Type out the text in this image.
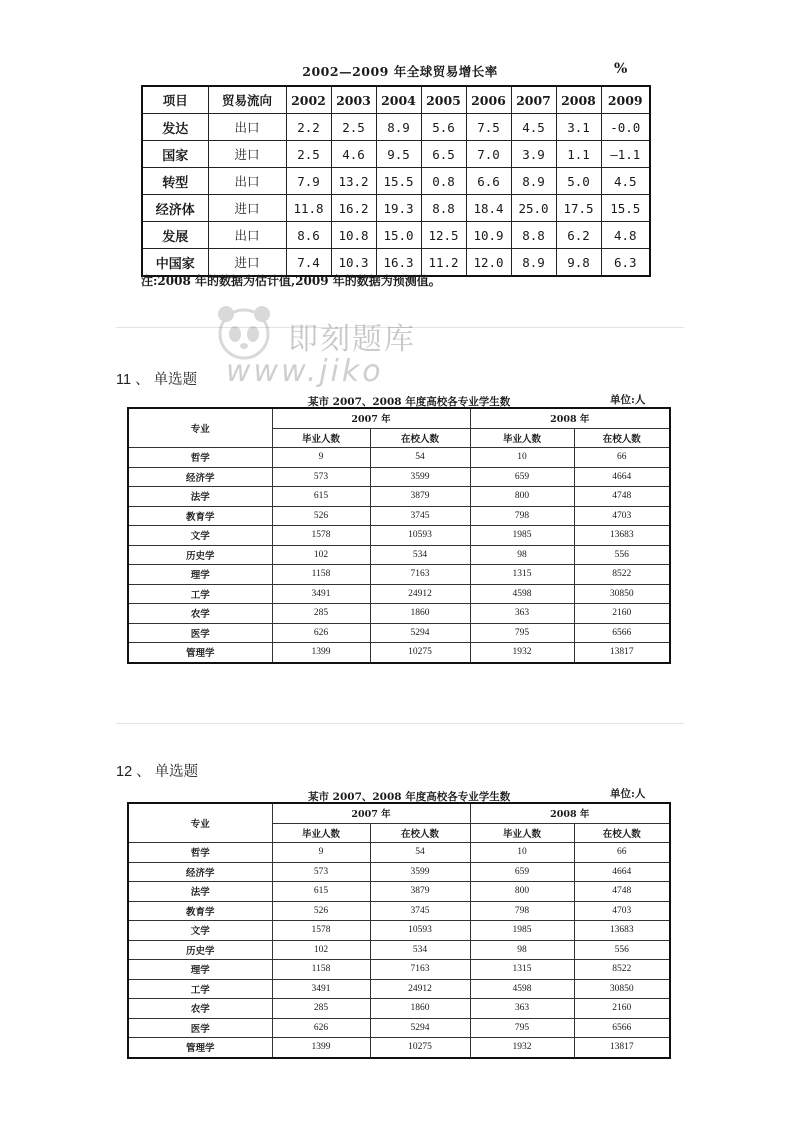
2002—2009 年全球贸易增长率	%
项目	贸易流向	2002	2003	2004	2005	2006	2007	2008	2009
发达	出口	2.2	2.5	8.9	5.6	7.5	4.5	3.1	-0.0
国家	进口	2.5	4.6	9.5	6.5	7.0	3.9	1.1	—1.1
转型	出口	7.9	13.2	15.5	0.8	6.6	8.9	5.0	4.5
经济体	进口	11.8	16.2	19.3	8.8	18.4	25.0	17.5	15.5
发展	出口	8.6	10.8	15.0	12.5	10.9	8.8	6.2	4.8
中国家	进口	7.4	10.3	16.3	11.2	12.0	8.9	9.8	6.3
注:2008 年的数据为估计值,2009 年的数据为预测值。
即刻题库
www.jiko
11 、 单选题
某市 2007、2008 年度高校各专业学生数	单位:人
专业	2007 年		2008 年	
	毕业人数	在校人数	毕业人数	在校人数
哲学	9	54	10	66
经济学	573	3599	659	4664
法学	615	3879	800	4748
教育学	526	3745	798	4703
文学	1578	10593	1985	13683
历史学	102	534	98	556
理学	1158	7163	1315	8522
工学	3491	24912	4598	30850
农学	285	1860	363	2160
医学	626	5294	795	6566
管理学	1399	10275	1932	13817
12 、 单选题
某市 2007、2008 年度高校各专业学生数	单位:人
专业	2007 年		2008 年	
	毕业人数	在校人数	毕业人数	在校人数
哲学	9	54	10	66
经济学	573	3599	659	4664
法学	615	3879	800	4748
教育学	526	3745	798	4703
文学	1578	10593	1985	13683
历史学	102	534	98	556
理学	1158	7163	1315	8522
工学	3491	24912	4598	30850
农学	285	1860	363	2160
医学	626	5294	795	6566
管理学	1399	10275	1932	13817
